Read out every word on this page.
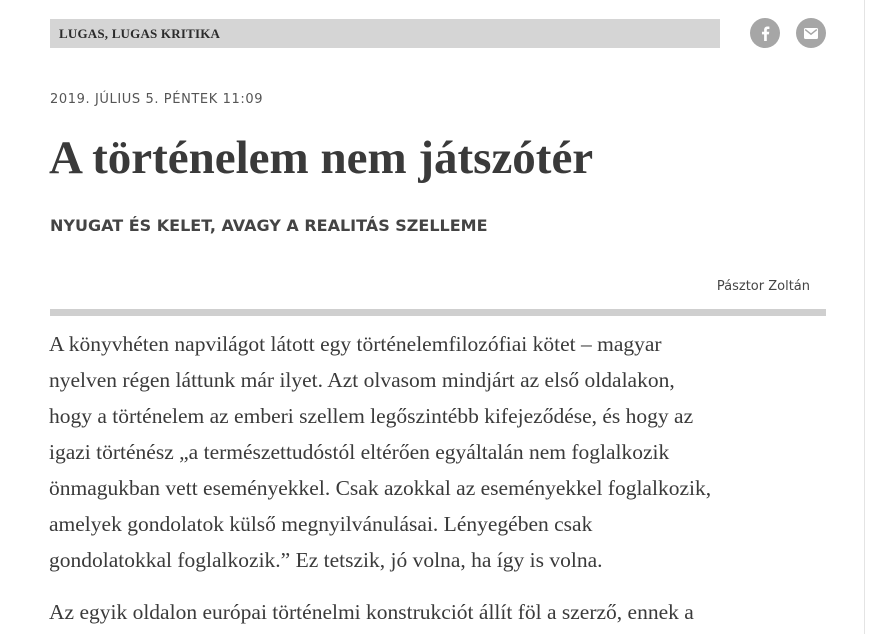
LUGAS, LUGAS KRITIKA
2019. JÚLIUS 5. PÉNTEK 11:09
A történelem nem játszótér
NYUGAT ÉS KELET, AVAGY A REALITÁS SZELLEME
Pásztor Zoltán

A könyvhéten napvilágot látott egy történelemfilozófiai kötet – magyar
nyelven régen láttunk már ilyet. Azt olvasom mindjárt az első oldalakon,
hogy a történelem az emberi szellem legőszintébb kifejeződése, és hogy az
igazi történész „a természettudóstól eltérően egyáltalán nem foglalkozik
önmagukban vett eseményekkel. Csak azokkal az eseményekkel foglalkozik,
amelyek gondolatok külső megnyilvánulásai. Lényegében csak
gondolatokkal foglalkozik.” Ez tetszik, jó volna, ha így is volna.

Az egyik oldalon európai történelmi konstrukciót állít föl a szerző, ennek a
